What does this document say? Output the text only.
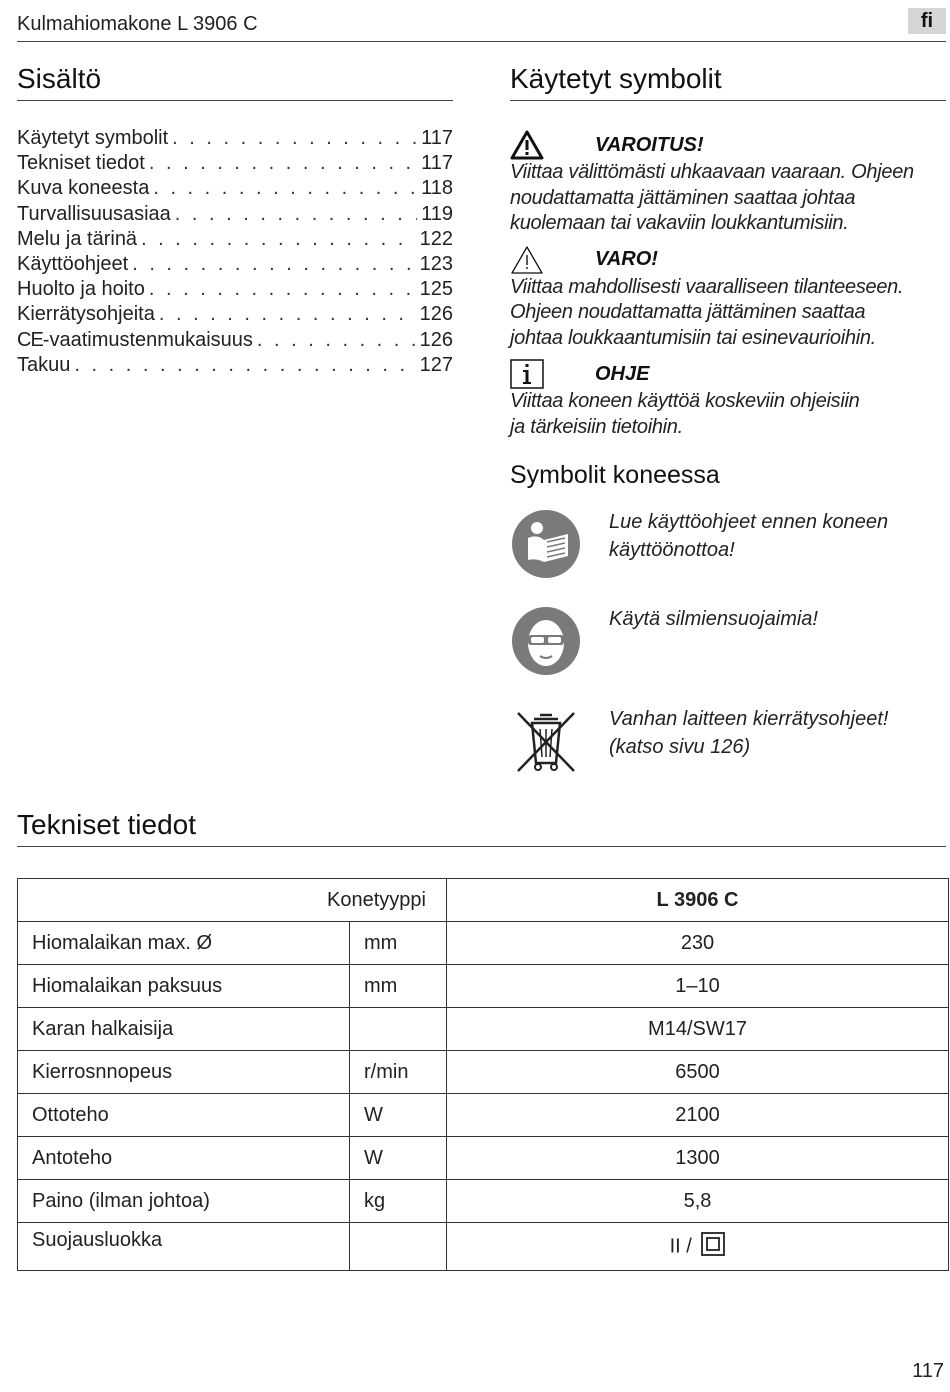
Kulmahiomakone L 3906 C	fi
Sisältö
Käytetyt symbolit . . .	117
Tekniset tiedot . . .	117
Kuva koneesta . . .	118
Turvallisuusasiaa . . .	119
Melu ja tärinä . . .	122
Käyttöohjeet . . .	123
Huolto ja hoito . . .	125
Kierrätysohjeita . . .	126
CE-vaatimustenmukaisuus . . .	126
Takuu . . .	127
Käytetyt symbolit
VAROITUS!
Viittaa välittömästi uhkaavaan vaaraan. Ohjeen
noudattamatta jättäminen saattaa johtaa
kuolemaan tai vakaviin loukkantumisiin.
VARO!
Viittaa mahdollisesti vaaralliseen tilanteeseen.
Ohjeen noudattamatta jättäminen saattaa
johtaa loukkaantumisiin tai esinevaurioihin.
OHJE
Viittaa koneen käyttöä koskeviin ohjeisiin
ja tärkeisiin tietoihin.
Symbolit koneessa
Lue käyttöohjeet ennen koneen
käyttöönottoa!
Käytä silmiensuojaimia!
Vanhan laitteen kierrätysohjeet!
(katso sivu 126)
Tekniset tiedot
Konetyyppi		L 3906 C
Hiomalaikan max. Ø	mm	230
Hiomalaikan paksuus	mm	1–10
Karan halkaisija		M14/SW17
Kierrosnnopeus	r/min	6500
Ottoteho	W	2100
Antoteho	W	1300
Paino (ilman johtoa)	kg	5,8
Suojausluokka		II /
117
